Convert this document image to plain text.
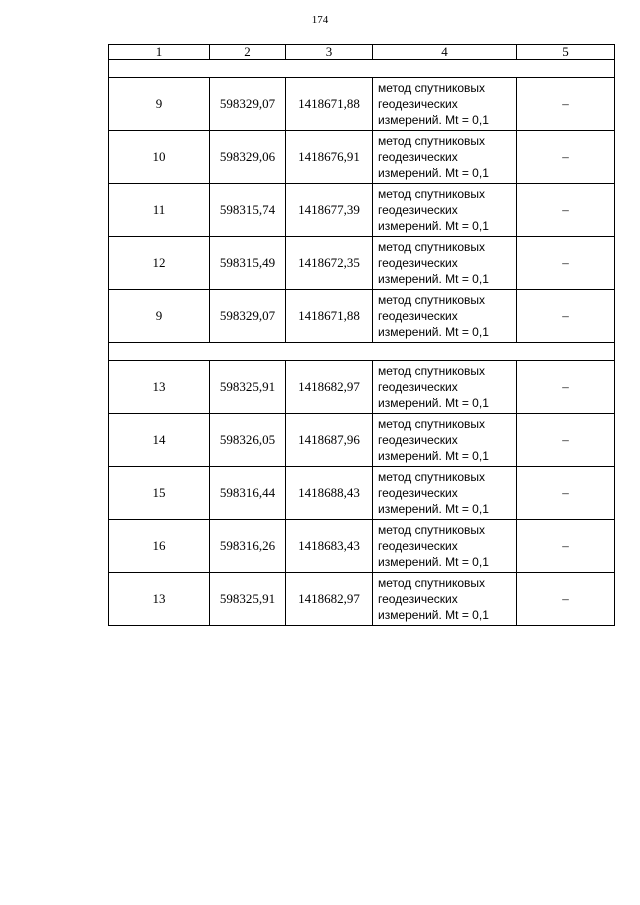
174
1	2	3	4	5

9	598329,07	1418671,88	метод спутниковых
геодезических
измерений. Mt = 0,1	–
10	598329,06	1418676,91	метод спутниковых
геодезических
измерений. Mt = 0,1	–
11	598315,74	1418677,39	метод спутниковых
геодезических
измерений. Mt = 0,1	–
12	598315,49	1418672,35	метод спутниковых
геодезических
измерений. Mt = 0,1	–
9	598329,07	1418671,88	метод спутниковых
геодезических
измерений. Mt = 0,1	–

13	598325,91	1418682,97	метод спутниковых
геодезических
измерений. Mt = 0,1	–
14	598326,05	1418687,96	метод спутниковых
геодезических
измерений. Mt = 0,1	–
15	598316,44	1418688,43	метод спутниковых
геодезических
измерений. Mt = 0,1	–
16	598316,26	1418683,43	метод спутниковых
геодезических
измерений. Mt = 0,1	–
13	598325,91	1418682,97	метод спутниковых
геодезических
измерений. Mt = 0,1	–
